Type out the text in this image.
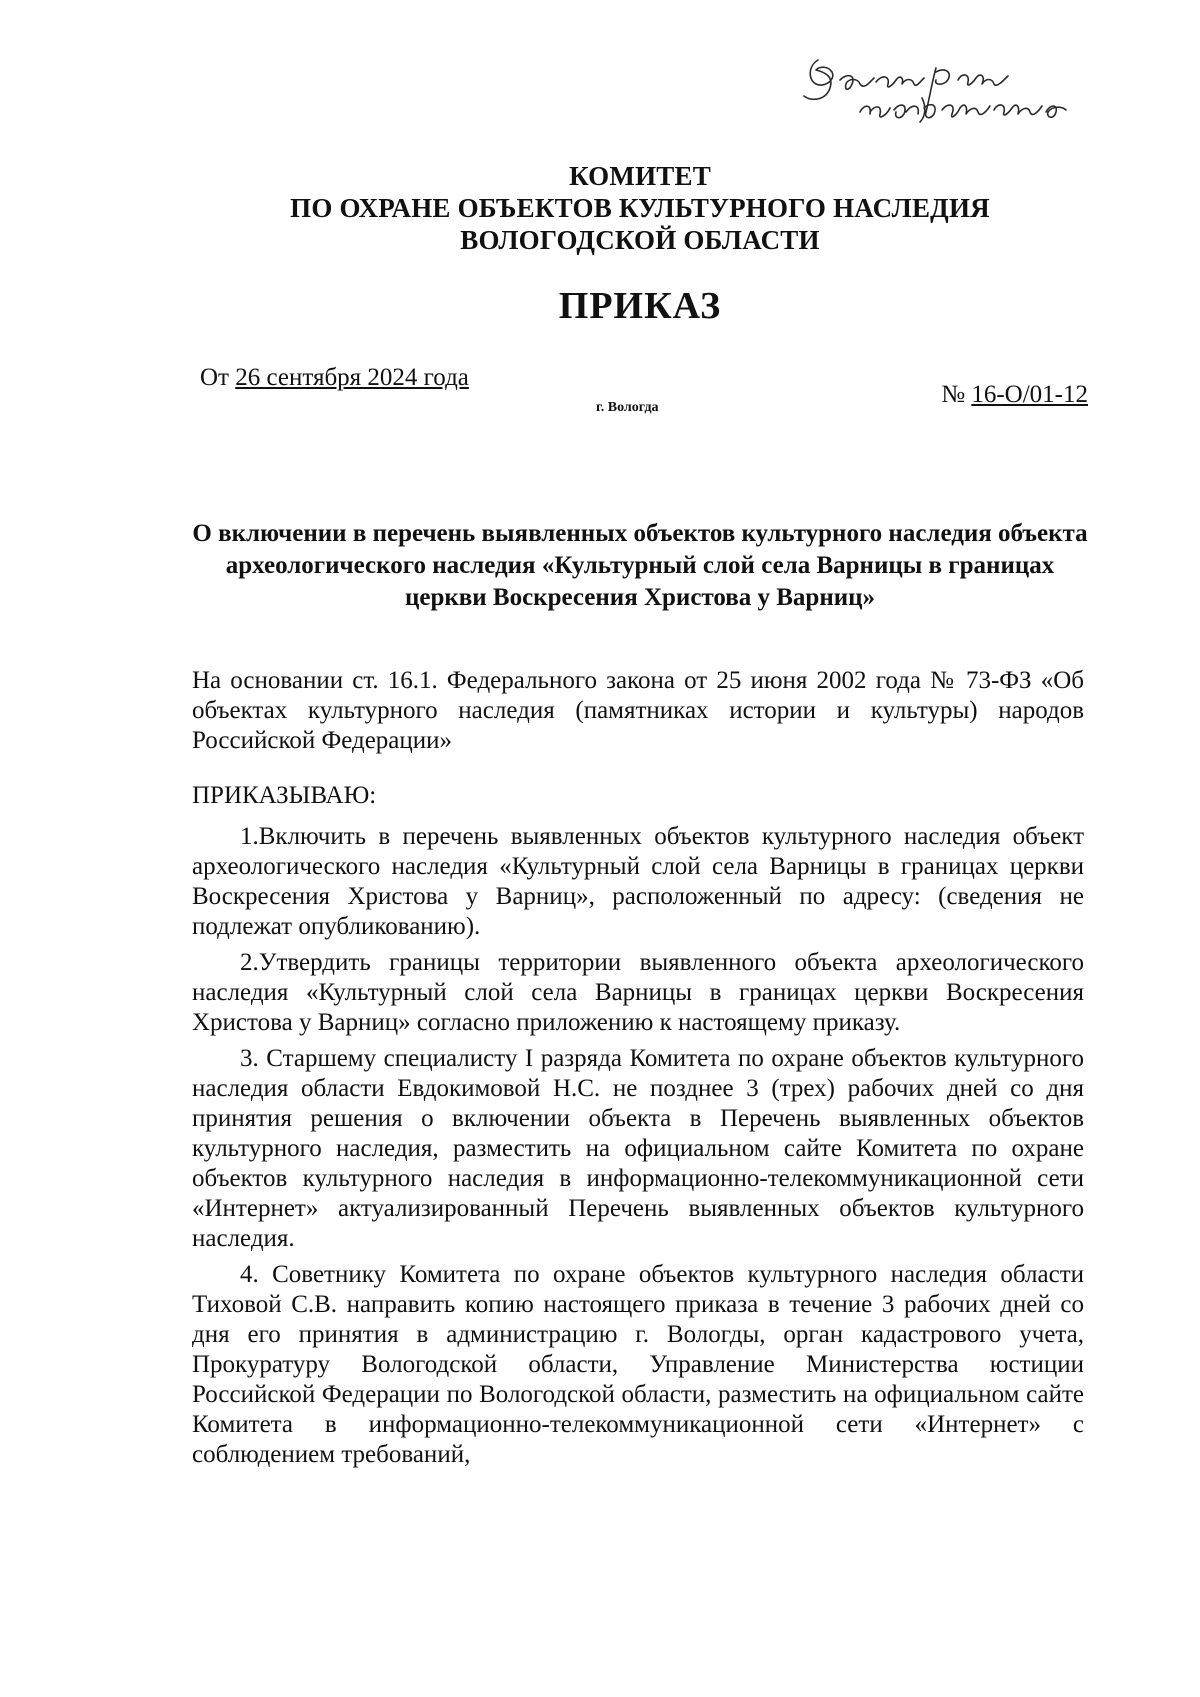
КОМИТЕТ
ПО ОХРАНЕ ОБЪЕКТОВ КУЛЬТУРНОГО НАСЛЕДИЯ
ВОЛОГОДСКОЙ ОБЛАСТИ
ПРИКАЗ
От 26 сентября 2024 года
г. Вологда	№ 16-О/01-12
О включении в перечень выявленных объектов культурного наследия объекта археологического наследия «Культурный слой села Варницы в границах церкви Воскресения Христова у Варниц»
На основании ст. 16.1. Федерального закона от 25 июня 2002 года № 73-ФЗ «Об объектах культурного наследия (памятниках истории и культуры) народов Российской Федерации»
ПРИКАЗЫВАЮ:

1.Включить в перечень выявленных объектов культурного наследия объект археологического наследия «Культурный слой села Варницы в границах церкви Воскресения Христова у Варниц», расположенный по адресу: (сведения не подлежат опубликованию).

2.Утвердить границы территории выявленного объекта археологического наследия «Культурный слой села Варницы в границах церкви Воскресения Христова у Варниц» согласно приложению к настоящему приказу.

3. Старшему специалисту I разряда Комитета по охране объектов культурного наследия области Евдокимовой Н.С. не позднее 3 (трех) рабочих дней со дня принятия решения о включении объекта в Перечень выявленных объектов культурного наследия, разместить на официальном сайте Комитета по охране объектов культурного наследия в информационно-телекоммуникационной сети «Интернет» актуализированный Перечень выявленных объектов культурного наследия.

4. Советнику Комитета по охране объектов культурного наследия области Тиховой С.В. направить копию настоящего приказа в течение 3 рабочих дней со дня его принятия в администрацию г. Вологды, орган кадастрового учета, Прокуратуру Вологодской области, Управление Министерства юстиции Российской Федерации по Вологодской области, разместить на официальном сайте Комитета в информационно-телекоммуникационной сети «Интернет» с соблюдением требований,
